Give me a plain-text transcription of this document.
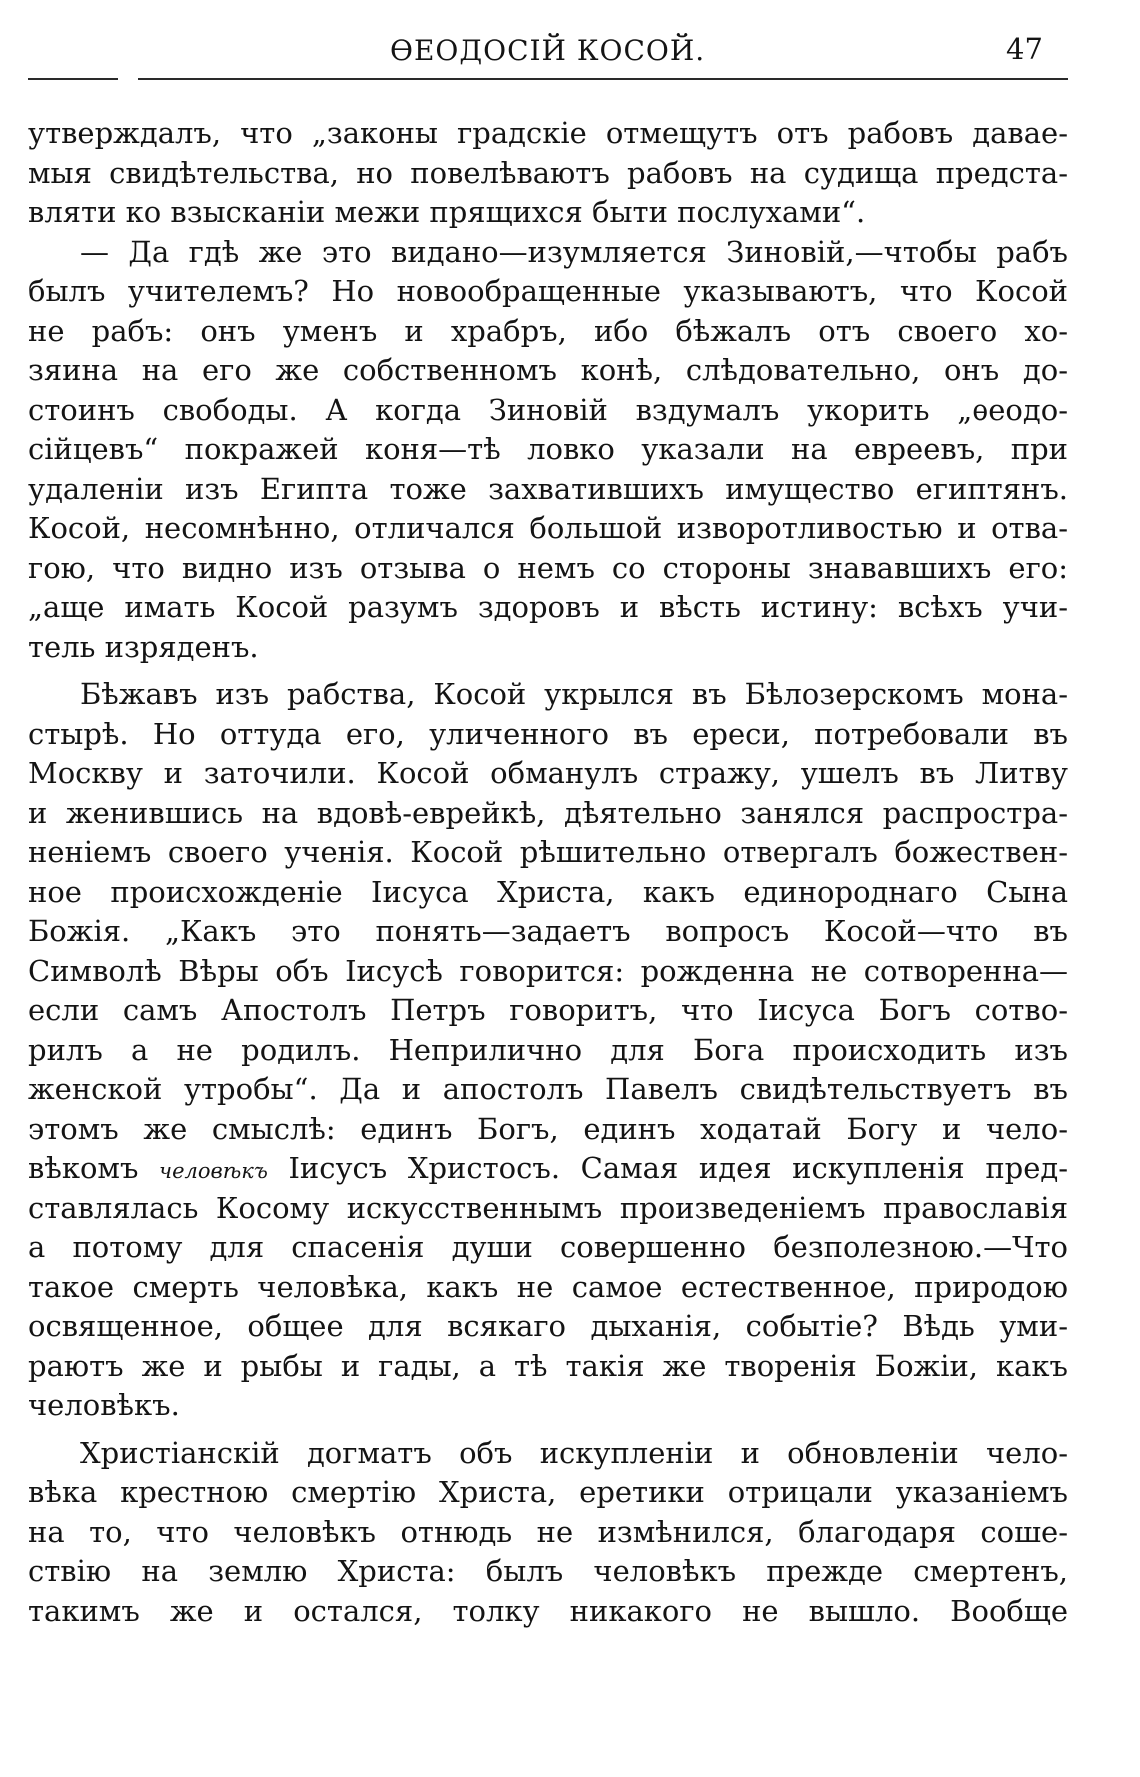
ѲЕОДОСІЙ КОСОЙ.	47
утверждалъ, что „законы градскіе отмещутъ отъ рабовъ давае-
мыя свидѣтельства, но повелѣваютъ рабовъ на судища предста-
вляти ко взысканіи межи прящихся быти послухами“.
— Да гдѣ же это видано—изумляется Зиновій,—чтобы рабъ
былъ учителемъ? Но новообращенные указываютъ, что Косой
не рабъ: онъ уменъ и храбръ, ибо бѣжалъ отъ своего хо-
зяина на его же собственномъ конѣ, слѣдовательно, онъ до-
стоинъ свободы. А когда Зиновій вздумалъ укорить „ѳеодо-
сійцевъ“ покражей коня—тѣ ловко указали на евреевъ, при
удаленіи изъ Египта тоже захватившихъ имущество египтянъ.
Косой, несомнѣнно, отличался большой изворотливостью и отва-
гою, что видно изъ отзыва о немъ со стороны знававшихъ его:
„аще имать Косой разумъ здоровъ и вѣсть истину: всѣхъ учи-
тель изряденъ.
Бѣжавъ изъ рабства, Косой укрылся въ Бѣлозерскомъ мона-
стырѣ. Но оттуда его, уличенного въ ереси, потребовали въ
Москву и заточили. Косой обманулъ стражу, ушелъ въ Литву
и женившись на вдовѣ-еврейкѣ, дѣятельно занялся распростра-
неніемъ своего ученія. Косой рѣшительно отвергалъ божествен-
ное происхожденіе Іисуса Христа, какъ единороднаго Сына
Божія. „Какъ это понять—задаетъ вопросъ Косой—что въ
Символѣ Вѣры объ Іисусѣ говорится: рожденна не сотворенна—
если самъ Апостолъ Петръ говоритъ, что Іисуса Богъ сотво-
рилъ а не родилъ. Неприлично для Бога происходить изъ
женской утробы“. Да и апостолъ Павелъ свидѣтельствуетъ въ
этомъ же смыслѣ: единъ Богъ, единъ ходатай Богу и чело-
вѣкомъ человѣкъ Іисусъ Христосъ. Самая идея искупленія пред-
ставлялась Косому искусственнымъ произведеніемъ православія
а потому для спасенія души совершенно безполезною.—Что
такое смерть человѣка, какъ не самое естественное, природою
освященное, общее для всякаго дыханія, событіе? Вѣдь уми-
раютъ же и рыбы и гады, а тѣ такія же творенія Божіи, какъ
человѣкъ.
Христіанскій догматъ объ искупленіи и обновленіи чело-
вѣка крестною смертію Христа, еретики отрицали указаніемъ
на то, что человѣкъ отнюдь не измѣнился, благодаря соше-
ствію на землю Христа: былъ человѣкъ прежде смертенъ,
такимъ же и остался, толку никакого не вышло. Вообще
